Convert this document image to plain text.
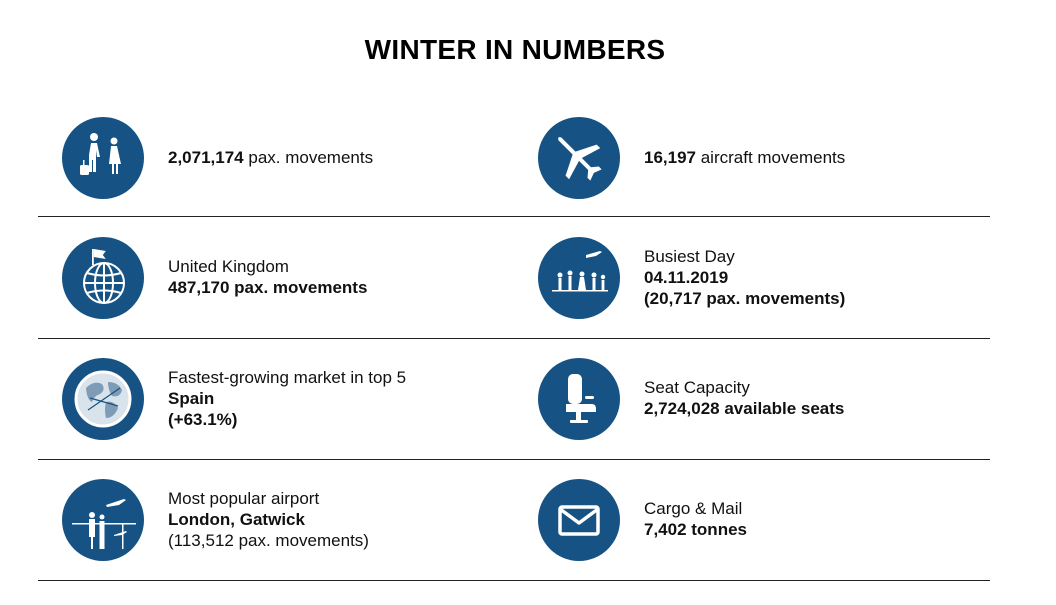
WINTER IN NUMBERS
2,071,174 pax. movements	16,197 aircraft movements
United Kingdom
487,170 pax. movements
Busiest Day
04.11.2019
(20,717 pax. movements)
Fastest-growing market in top 5
Spain
(+63.1%)
Seat Capacity
2,724,028 available seats
Most popular airport
London, Gatwick
(113,512 pax. movements)
Cargo & Mail
7,402 tonnes
